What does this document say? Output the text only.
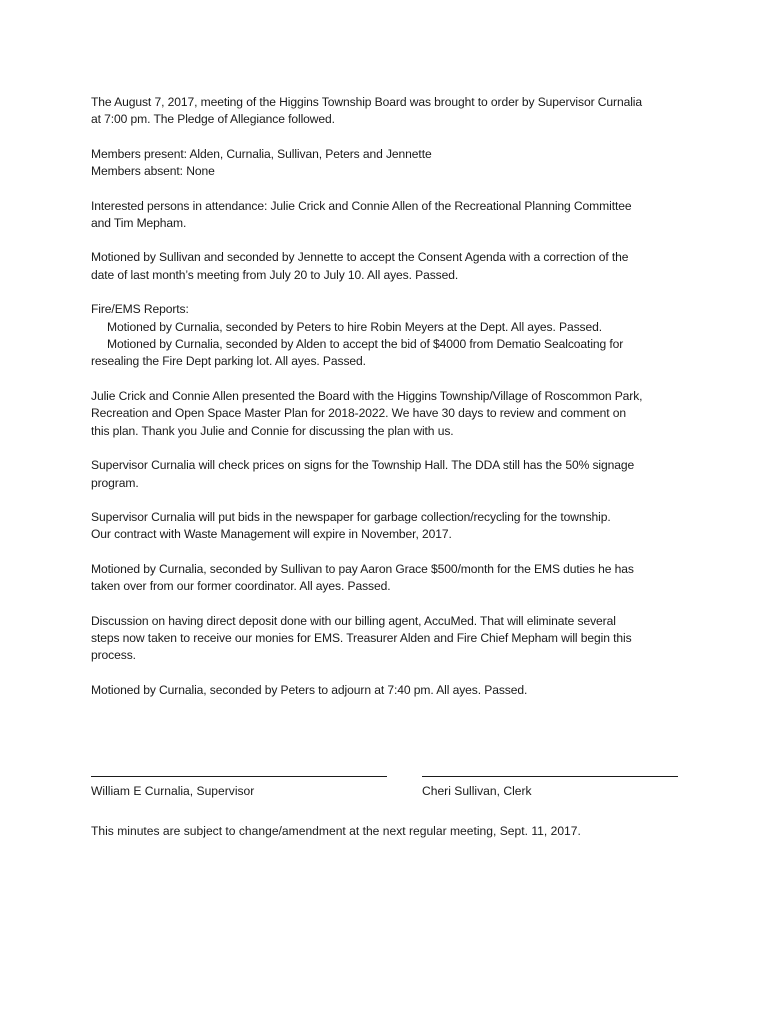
The August 7, 2017, meeting of the Higgins Township Board was brought to order by Supervisor Curnalia
at 7:00 pm. The Pledge of Allegiance followed.

Members present: Alden, Curnalia, Sullivan, Peters and Jennette
Members absent: None

Interested persons in attendance: Julie Crick and Connie Allen of the Recreational Planning Committee
and Tim Mepham.

Motioned by Sullivan and seconded by Jennette to accept the Consent Agenda with a correction of the
date of last month’s meeting from July 20 to July 10. All ayes. Passed.

Fire/EMS Reports:
Motioned by Curnalia, seconded by Peters to hire Robin Meyers at the Dept. All ayes. Passed.
Motioned by Curnalia, seconded by Alden to accept the bid of $4000 from Dematio Sealcoating for
resealing the Fire Dept parking lot. All ayes. Passed.

Julie Crick and Connie Allen presented the Board with the Higgins Township/Village of Roscommon Park,
Recreation and Open Space Master Plan for 2018-2022. We have 30 days to review and comment on
this plan. Thank you Julie and Connie for discussing the plan with us.

Supervisor Curnalia will check prices on signs for the Township Hall. The DDA still has the 50% signage
program.

Supervisor Curnalia will put bids in the newspaper for garbage collection/recycling for the township.
Our contract with Waste Management will expire in November, 2017.

Motioned by Curnalia, seconded by Sullivan to pay Aaron Grace $500/month for the EMS duties he has
taken over from our former coordinator. All ayes. Passed.

Discussion on having direct deposit done with our billing agent, AccuMed. That will eliminate several
steps now taken to receive our monies for EMS. Treasurer Alden and Fire Chief Mepham will begin this
process.

Motioned by Curnalia, seconded by Peters to adjourn at 7:40 pm. All ayes. Passed.

William E Curnalia, Supervisor	Cheri Sullivan, Clerk
This minutes are subject to change/amendment at the next regular meeting, Sept. 11, 2017.
